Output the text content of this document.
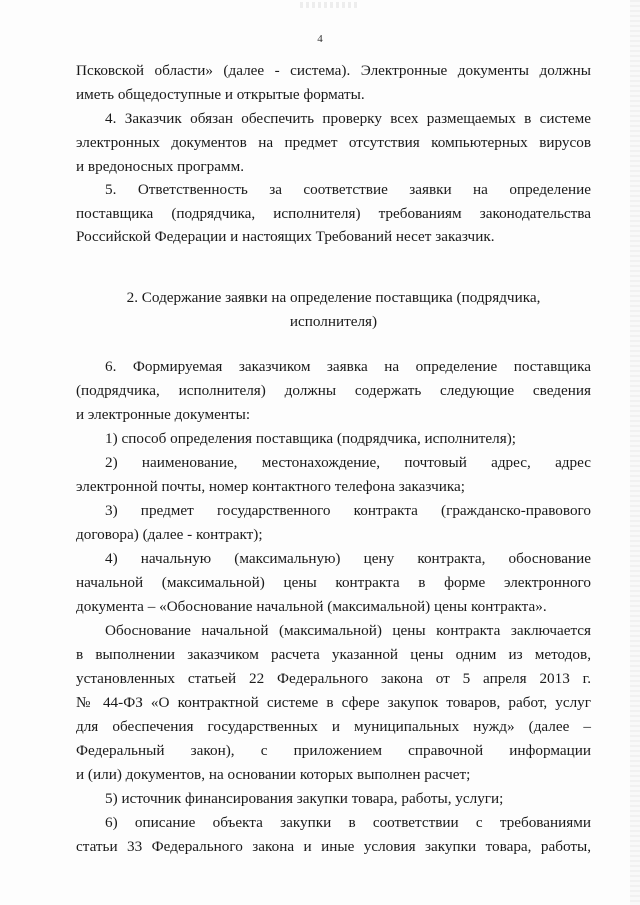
4
Псковской области» (далее - система). Электронные документы должны
иметь общедоступные и открытые форматы.
4. Заказчик обязан обеспечить проверку всех размещаемых в системе
электронных документов на предмет отсутствия компьютерных вирусов
и вредоносных программ.
5. Ответственность за соответствие заявки на определение
поставщика (подрядчика, исполнителя) требованиям законодательства
Российской Федерации и настоящих Требований несет заказчик.
2. Содержание заявки на определение поставщика (подрядчика,
исполнителя)
6. Формируемая заказчиком заявка на определение поставщика
(подрядчика, исполнителя) должны содержать следующие сведения
и электронные документы:
1) способ определения поставщика (подрядчика, исполнителя);
2) наименование, местонахождение, почтовый адрес, адрес
электронной почты, номер контактного телефона заказчика;
3) предмет государственного контракта (гражданско-правового
договора) (далее - контракт);
4) начальную (максимальную) цену контракта, обоснование
начальной (максимальной) цены контракта в форме электронного
документа – «Обоснование начальной (максимальной) цены контракта».
Обоснование начальной (максимальной) цены контракта заключается
в выполнении заказчиком расчета указанной цены одним из методов,
установленных статьей 22 Федерального закона от 5 апреля 2013 г.
№ 44-ФЗ «О контрактной системе в сфере закупок товаров, работ, услуг
для обеспечения государственных и муниципальных нужд» (далее –
Федеральный закон), с приложением справочной информации
и (или) документов, на основании которых выполнен расчет;
5) источник финансирования закупки товара, работы, услуги;
6) описание объекта закупки в соответствии с требованиями
статьи 33 Федерального закона и иные условия закупки товара, работы,
